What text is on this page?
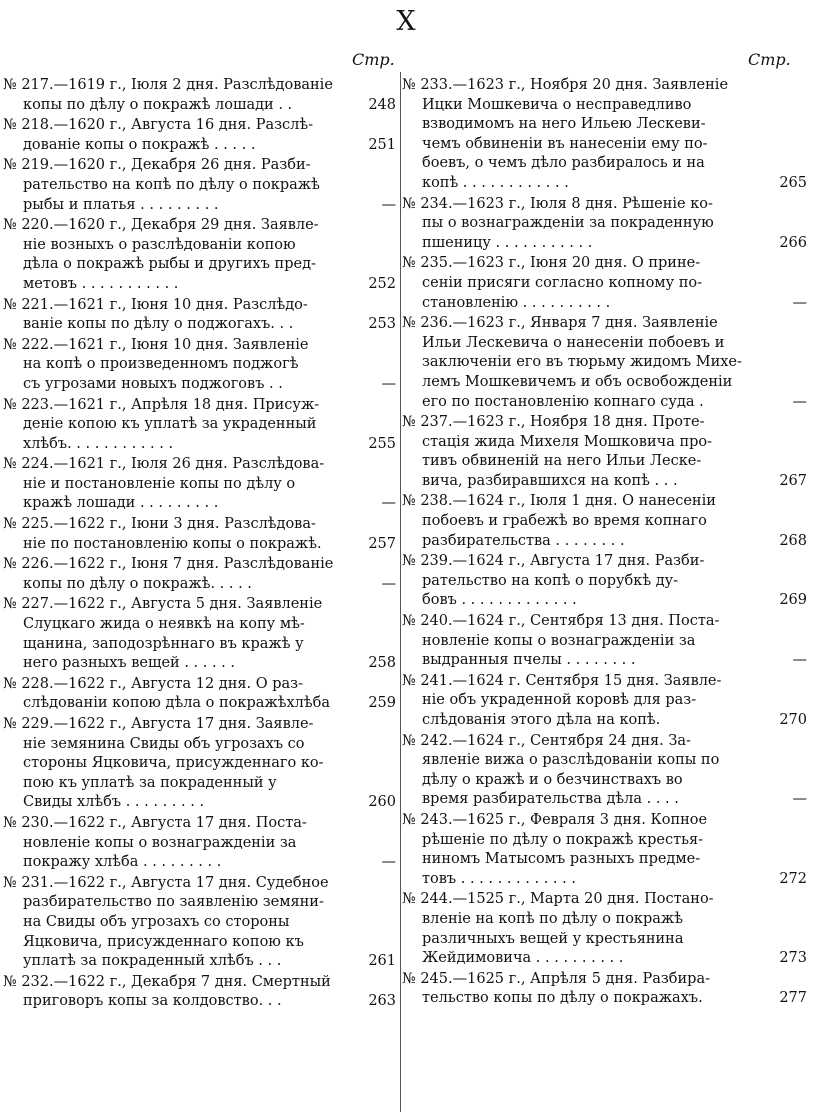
X
Стр.	Стр.
№ 217.—1619 г., Іюля 2 дня. Разслѣдованіе
копы по дѣлу о покражѣ лошади . .	248
№ 218.—1620 г., Августа 16 дня. Разслѣ-
дованіе копы о покражѣ . . . . .	251
№ 219.—1620 г., Декабря 26 дня. Разби-
рательство на копѣ по дѣлу о покражѣ
рыбы и платья . . . . . . . . .	—
№ 220.—1620 г., Декабря 29 дня. Заявле-
ніе возныхъ о разслѣдованіи копою
дѣла о покражѣ рыбы и другихъ пред-
метовъ . . . . . . . . . . .	252
№ 221.—1621 г., Іюня 10 дня. Разслѣдо-
ваніе копы по дѣлу о поджогахъ. . .	253
№ 222.—1621 г., Іюня 10 дня. Заявленіе
на копѣ о произведенномъ поджогѣ
съ угрозами новыхъ поджоговъ . .	—
№ 223.—1621 г., Апрѣля 18 дня. Присуж-
деніе копою къ уплатѣ за украденный
хлѣбъ. . . . . . . . . . . .	255
№ 224.—1621 г., Іюля 26 дня. Разслѣдова-
ніе и постановленіе копы по дѣлу о
кражѣ лошади . . . . . . . . .	—
№ 225.—1622 г., Іюни 3 дня. Разслѣдова-
ніе по постановленію копы о покражѣ.	257
№ 226.—1622 г., Іюня 7 дня. Разслѣдованіе
копы по дѣлу о покражѣ. . . . .	—
№ 227.—1622 г., Августа 5 дня. Заявленіе
Слуцкаго жида о неявкѣ на копу мѣ-
щанина, заподозрѣннаго въ кражѣ у
него разныхъ вещей . . . . . .	258
№ 228.—1622 г., Августа 12 дня. О раз-
слѣдованіи копою дѣла о покражѣхлѣба	259
№ 229.—1622 г., Августа 17 дня. Заявле-
ніе земянина Свиды объ угрозахъ со
стороны Яцковича, присужденнаго ко-
пою къ уплатѣ за покраденный у
Свиды хлѣбъ . . . . . . . . .	260
№ 230.—1622 г., Августа 17 дня. Поста-
новленіе копы о вознагражденіи за
покражу хлѣба . . . . . . . . .	—
№ 231.—1622 г., Августа 17 дня. Судебное
разбирательство по заявленію земяни-
на Свиды объ угрозахъ со стороны
Яцковича, присужденнаго копою къ
уплатѣ за покраденный хлѣбъ . . .	261
№ 232.—1622 г., Декабря 7 дня. Смертный
приговоръ копы за колдовство. . .	263
№ 233.—1623 г., Ноября 20 дня. Заявленіе
Ицки Мошкевича о несправедливо
взводимомъ на него Ильею Лескеви-
чемъ обвиненіи въ нанесеніи ему по-
боевъ, о чемъ дѣло разбиралось и на
копѣ . . . . . . . . . . . .	265
№ 234.—1623 г., Іюля 8 дня. Рѣшеніе ко-
пы о вознагражденіи за покраденную
пшеницу . . . . . . . . . . .	266
№ 235.—1623 г., Іюня 20 дня. О прине-
сеніи присяги согласно копному по-
становленію . . . . . . . . . .	—
№ 236.—1623 г., Января 7 дня. Заявленіе
Ильи Лескевича о нанесеніи побоевъ и
заключеніи его въ тюрьму жидомъ Михе-
лемъ Мошкевичемъ и объ освобожденіи
его по постановленію копнаго суда .	—
№ 237.—1623 г., Ноября 18 дня. Проте-
стація жида Михеля Мошковича про-
тивъ обвиненій на него Ильи Леске-
вича, разбиравшихся на копѣ . . .	267
№ 238.—1624 г., Іюля 1 дня. О нанесеніи
побоевъ и грабежѣ во время копнаго
разбирательства . . . . . . . .	268
№ 239.—1624 г., Августа 17 дня. Разби-
рательство на копѣ о порубкѣ ду-
бовъ . . . . . . . . . . . . .	269
№ 240.—1624 г., Сентября 13 дня. Поста-
новленіе копы о вознагражденіи за
выдранныя пчелы . . . . . . . .	—
№ 241.—1624 г. Сентября 15 дня. Заявле-
ніе объ украденной коровѣ для раз-
слѣдованія этого дѣла на копѣ.	270
№ 242.—1624 г., Сентября 24 дня. За-
явленіе вижа о разслѣдованіи копы по
дѣлу о кражѣ и о безчинствахъ во
время разбирательства дѣла . . . .	—
№ 243.—1625 г., Февраля 3 дня. Копное
рѣшеніе по дѣлу о покражѣ крестья-
ниномъ Матысомъ разныхъ предме-
товъ . . . . . . . . . . . . .	272
№ 244.—1525 г., Марта 20 дня. Постано-
вленіе на копѣ по дѣлу о покражѣ
различныхъ вещей у крестьянина
Жейдимовича . . . . . . . . . .	273
№ 245.—1625 г., Апрѣля 5 дня. Разбира-
тельство копы по дѣлу о покражахъ.	277
